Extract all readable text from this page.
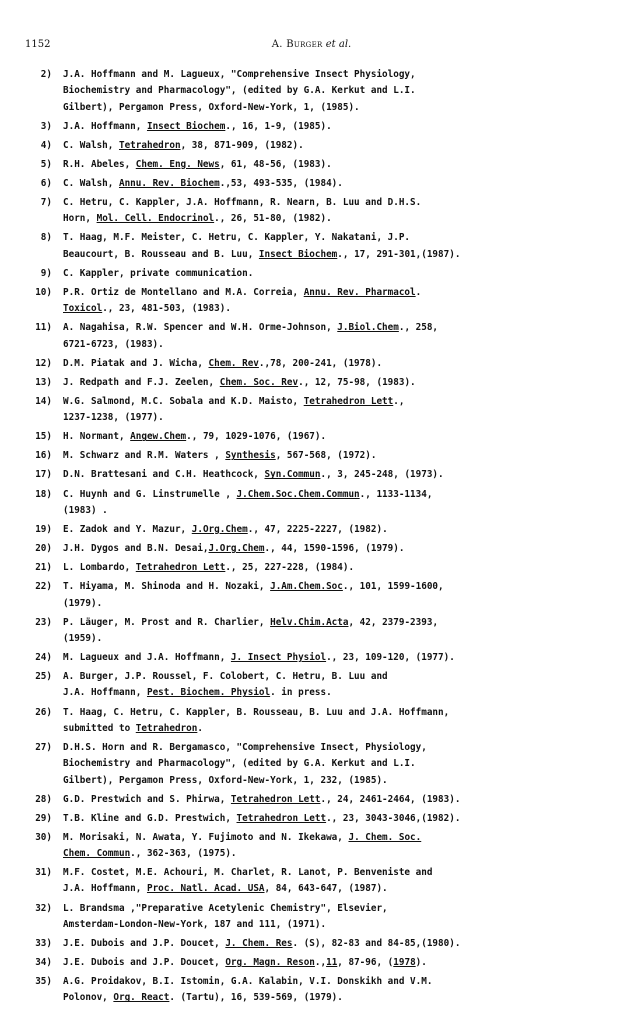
1152	A. Burger et al.
2) J.A. Hoffmann and M. Lagueux, "Comprehensive Insect Physiology,
Biochemistry and Pharmacology", (edited by G.A. Kerkut and L.I.
Gilbert), Pergamon Press, Oxford-New-York, 1, (1985).
3) J.A. Hoffmann, Insect Biochem., 16, 1-9, (1985).
4) C. Walsh, Tetrahedron, 38, 871-909, (1982).
5) R.H. Abeles, Chem. Eng. News, 61, 48-56, (1983).
6) C. Walsh, Annu. Rev. Biochem.,53, 493-535, (1984).
7) C. Hetru, C. Kappler, J.A. Hoffmann, R. Nearn, B. Luu and D.H.S.
Horn, Mol. Cell. Endocrinol., 26, 51-80, (1982).
8) T. Haag, M.F. Meister, C. Hetru, C. Kappler, Y. Nakatani, J.P.
Beaucourt, B. Rousseau and B. Luu, Insect Biochem., 17, 291-301,(1987).
9) C. Kappler, private communication.
10) P.R. Ortiz de Montellano and M.A. Correia, Annu. Rev. Pharmacol.
Toxicol., 23, 481-503, (1983).
11) A. Nagahisa, R.W. Spencer and W.H. Orme-Johnson, J.Biol.Chem., 258,
6721-6723, (1983).
12) D.M. Piatak and J. Wicha, Chem. Rev.,78, 200-241, (1978).
13) J. Redpath and F.J. Zeelen, Chem. Soc. Rev., 12, 75-98, (1983).
14) W.G. Salmond, M.C. Sobala and K.D. Maisto, Tetrahedron Lett.,
1237-1238, (1977).
15) H. Normant, Angew.Chem., 79, 1029-1076, (1967).
16) M. Schwarz and R.M. Waters , Synthesis, 567-568, (1972).
17) D.N. Brattesani and C.H. Heathcock, Syn.Commun., 3, 245-248, (1973).
18) C. Huynh and G. Linstrumelle , J.Chem.Soc.Chem.Commun., 1133-1134,
(1983) .
19) E. Zadok and Y. Mazur, J.Org.Chem., 47, 2225-2227, (1982).
20) J.H. Dygos and B.N. Desai,J.Org.Chem., 44, 1590-1596, (1979).
21) L. Lombardo, Tetrahedron Lett., 25, 227-228, (1984).
22) T. Hiyama, M. Shinoda and H. Nozaki, J.Am.Chem.Soc., 101, 1599-1600,
(1979).
23) P. Läuger, M. Prost and R. Charlier, Helv.Chim.Acta, 42, 2379-2393,
(1959).
24) M. Lagueux and J.A. Hoffmann, J. Insect Physiol., 23, 109-120, (1977).
25) A. Burger, J.P. Roussel, F. Colobert, C. Hetru, B. Luu and
J.A. Hoffmann, Pest. Biochem. Physiol. in press.
26) T. Haag, C. Hetru, C. Kappler, B. Rousseau, B. Luu and J.A. Hoffmann,
submitted to Tetrahedron.
27) D.H.S. Horn and R. Bergamasco, "Comprehensive Insect, Physiology,
Biochemistry and Pharmacology", (edited by G.A. Kerkut and L.I.
Gilbert), Pergamon Press, Oxford-New-York, 1, 232, (1985).
28) G.D. Prestwich and S. Phirwa, Tetrahedron Lett., 24, 2461-2464, (1983).
29) T.B. Kline and G.D. Prestwich, Tetrahedron Lett., 23, 3043-3046,(1982).
30) M. Morisaki, N. Awata, Y. Fujimoto and N. Ikekawa, J. Chem. Soc.
Chem. Commun., 362-363, (1975).
31) M.F. Costet, M.E. Achouri, M. Charlet, R. Lanot, P. Benveniste and
J.A. Hoffmann, Proc. Natl. Acad. USA, 84, 643-647, (1987).
32) L. Brandsma ,"Preparative Acetylenic Chemistry", Elsevier,
Amsterdam-London-New-York, 187 and 111, (1971).
33) J.E. Dubois and J.P. Doucet, J. Chem. Res. (S), 82-83 and 84-85,(1980).
34) J.E. Dubois and J.P. Doucet, Org. Magn. Reson.,11, 87-96, (1978).
35) A.G. Proidakov, B.I. Istomin, G.A. Kalabin, V.I. Donskikh and V.M.
Polonov, Org. React. (Tartu), 16, 539-569, (1979).
